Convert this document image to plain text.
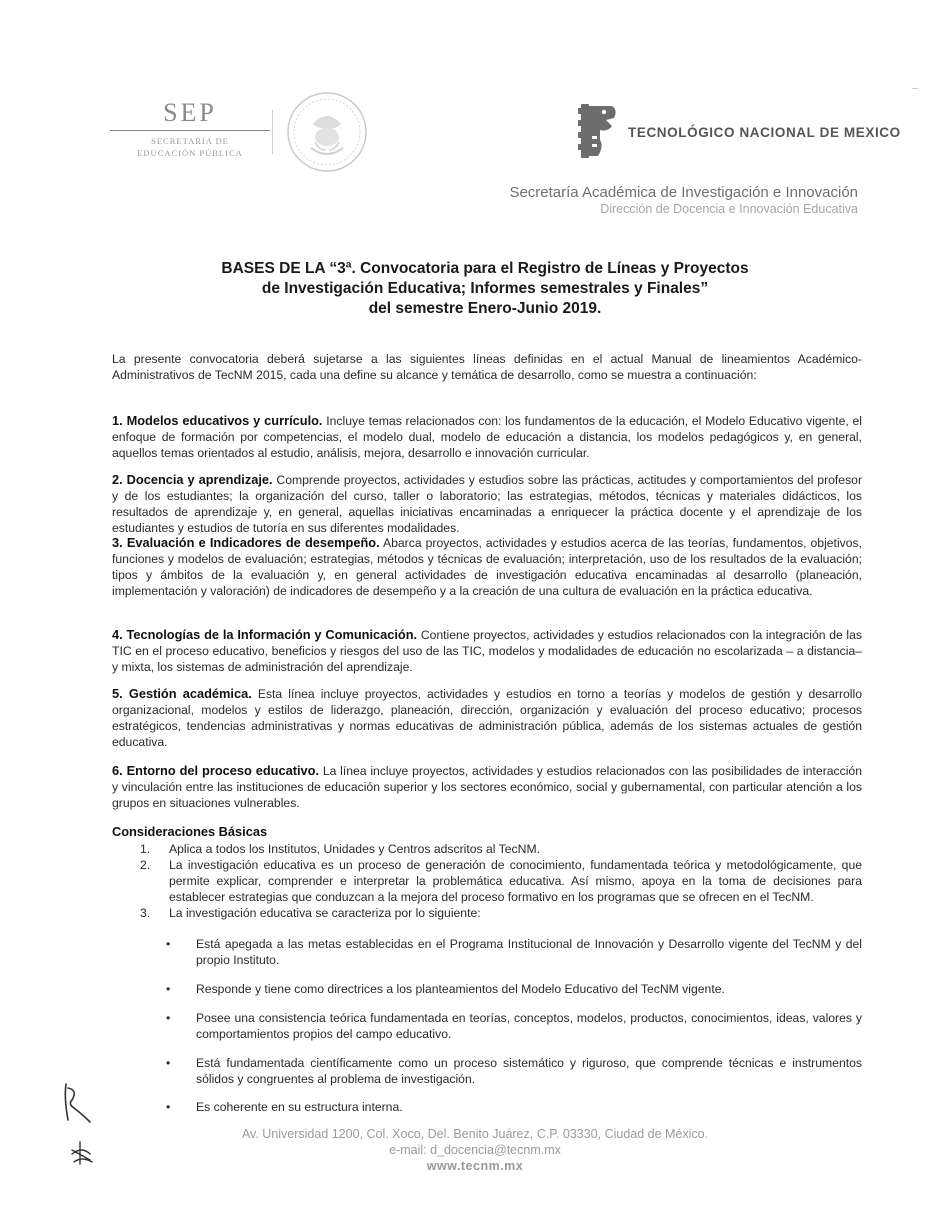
SEP
SECRETARÍA DE
EDUCACIÓN PÚBLICA
TECNOLÓGICO NACIONAL DE MEXICO
Secretaría Académica de Investigación e Innovación
Dirección de Docencia e Innovación Educativa
BASES DE LA “3ª. Convocatoria para el Registro de Líneas y Proyectos
de Investigación Educativa; Informes semestrales y Finales”
del semestre Enero-Junio 2019.
La presente convocatoria deberá sujetarse a las siguientes líneas definidas en el actual Manual de lineamientos Académico-Administrativos de TecNM 2015, cada una define su alcance y temática de desarrollo, como se muestra a continuación:
1. Modelos educativos y currículo. Incluye temas relacionados con: los fundamentos de la educación, el Modelo Educativo vigente, el enfoque de formación por competencias, el modelo dual, modelo de educación a distancia, los modelos pedagógicos y, en general, aquellos temas orientados al estudio, análisis, mejora, desarrollo e innovación curricular.
2. Docencia y aprendizaje. Comprende proyectos, actividades y estudios sobre las prácticas, actitudes y comportamientos del profesor y de los estudiantes; la organización del curso, taller o laboratorio; las estrategias, métodos, técnicas y materiales didácticos, los resultados de aprendizaje y, en general, aquellas iniciativas encaminadas a enriquecer la práctica docente y el aprendizaje de los estudiantes y estudios de tutoría en sus diferentes modalidades.
3. Evaluación e Indicadores de desempeño. Abarca proyectos, actividades y estudios acerca de las teorías, fundamentos, objetivos, funciones y modelos de evaluación; estrategias, métodos y técnicas de evaluación; interpretación, uso de los resultados de la evaluación; tipos y ámbitos de la evaluación y, en general actividades de investigación educativa encaminadas al desarrollo (planeación, implementación y valoración) de indicadores de desempeño y a la creación de una cultura de evaluación en la práctica educativa.
4. Tecnologías de la Información y Comunicación. Contiene proyectos, actividades y estudios relacionados con la integración de las TIC en el proceso educativo, beneficios y riesgos del uso de las TIC, modelos y modalidades de educación no escolarizada – a distancia– y mixta, los sistemas de administración del aprendizaje.
5. Gestión académica. Esta línea incluye proyectos, actividades y estudios en torno a teorías y modelos de gestión y desarrollo organizacional, modelos y estilos de liderazgo, planeación, dirección, organización y evaluación del proceso educativo; procesos estratégicos, tendencias administrativas y normas educativas de administración pública, además de los sistemas actuales de gestión educativa.
6. Entorno del proceso educativo. La línea incluye proyectos, actividades y estudios relacionados con las posibilidades de interacción y vinculación entre las instituciones de educación superior y los sectores económico, social y gubernamental, con particular atención a los grupos en situaciones vulnerables.
Consideraciones Básicas
1. Aplica a todos los Institutos, Unidades y Centros adscritos al TecNM.
2. La investigación educativa es un proceso de generación de conocimiento, fundamentada teórica y metodológicamente, que permite explicar, comprender e interpretar la problemática educativa. Así mismo, apoya en la toma de decisiones para establecer estrategias que conduzcan a la mejora del proceso formativo en los programas que se ofrecen en el TecNM.
3. La investigación educativa se caracteriza por lo siguiente:
• Está apegada a las metas establecidas en el Programa Institucional de Innovación y Desarrollo vigente del TecNM y del propio Instituto.
• Responde y tiene como directrices a los planteamientos del Modelo Educativo del TecNM vigente.
• Posee una consistencia teórica fundamentada en teorías, conceptos, modelos, productos, conocimientos, ideas, valores y comportamientos propios del campo educativo.
• Está fundamentada científicamente como un proceso sistemático y riguroso, que comprende técnicas e instrumentos sólidos y congruentes al problema de investigación.
• Es coherente en su estructura interna.
Av. Universidad 1200, Col. Xoco, Del. Benito Juárez, C.P. 03330, Ciudad de México.
e-mail: d_docencia@tecnm.mx
www.tecnm.mx
